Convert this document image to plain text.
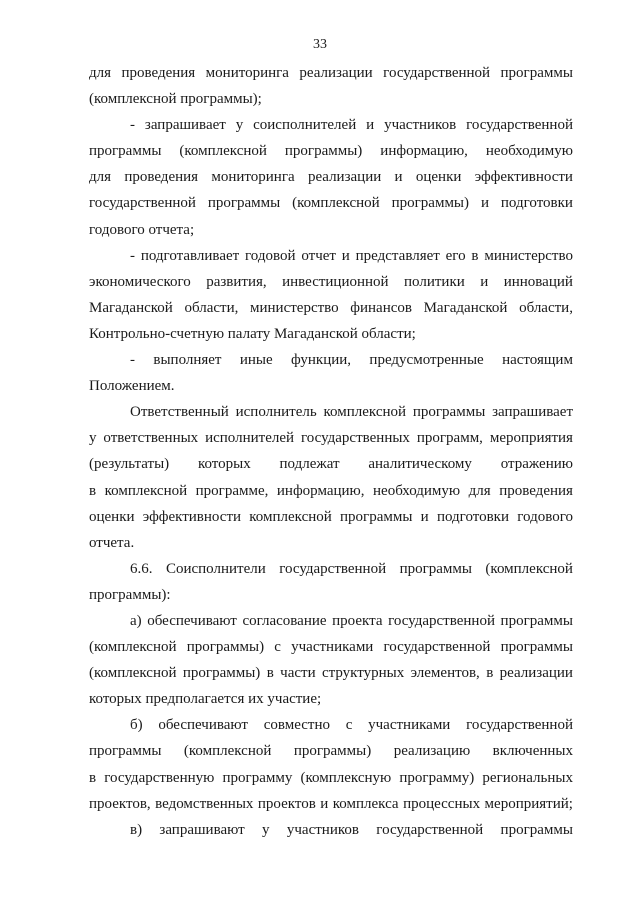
33
для проведения мониторинга реализации государственной программы
(комплексной программы);
- запрашивает у соисполнителей и участников государственной
программы (комплексной программы) информацию, необходимую
для проведения мониторинга реализации и оценки эффективности
государственной программы (комплексной программы) и подготовки
годового отчета;
- подготавливает годовой отчет и представляет его в министерство
экономического развития, инвестиционной политики и инноваций
Магаданской области, министерство финансов Магаданской области,
Контрольно-счетную палату Магаданской области;
- выполняет иные функции, предусмотренные настоящим
Положением.
Ответственный исполнитель комплексной программы запрашивает
у ответственных исполнителей государственных программ, мероприятия
(результаты) которых подлежат аналитическому отражению
в комплексной программе, информацию, необходимую для проведения
оценки эффективности комплексной программы и подготовки годового
отчета.
6.6. Соисполнители государственной программы (комплексной
программы):
а) обеспечивают согласование проекта государственной программы
(комплексной программы) с участниками государственной программы
(комплексной программы) в части структурных элементов, в реализации
которых предполагается их участие;
б) обеспечивают совместно с участниками государственной
программы (комплексной программы) реализацию включенных
в государственную программу (комплексную программу) региональных
проектов, ведомственных проектов и комплекса процессных мероприятий;
в) запрашивают у участников государственной программы
